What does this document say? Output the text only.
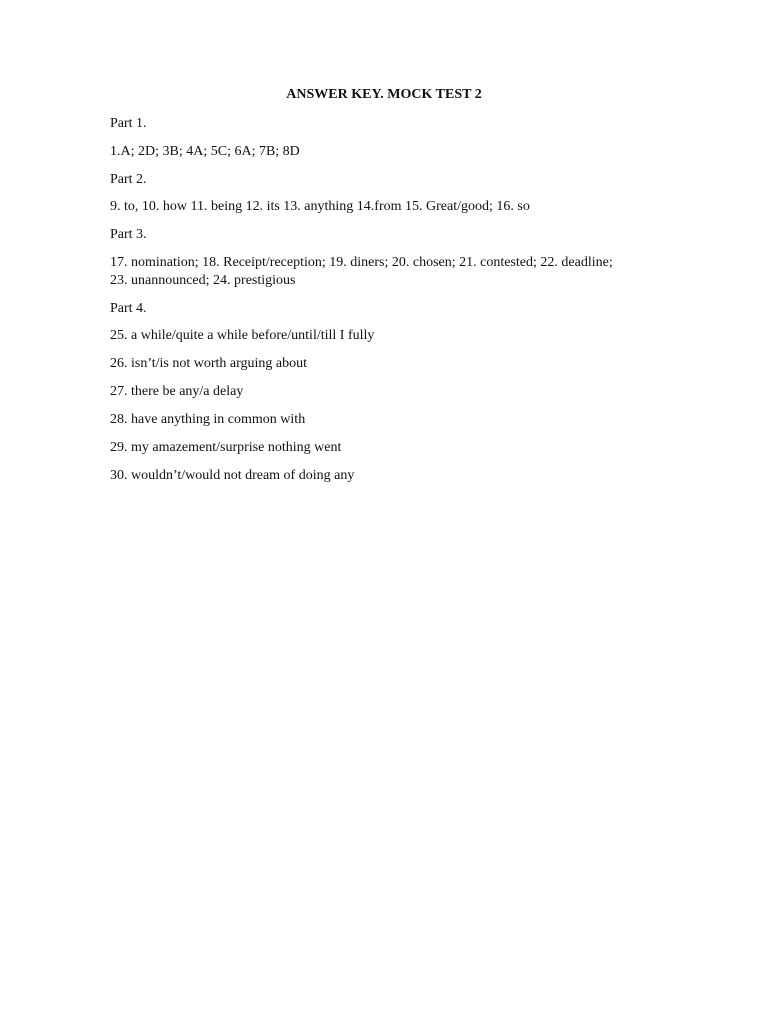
ANSWER KEY. MOCK TEST 2
Part 1.
1.A; 2D; 3B; 4A; 5C; 6A; 7B; 8D
Part 2.
9. to, 10. how 11. being 12. its 13. anything 14.from 15. Great/good; 16. so
Part 3.
17. nomination; 18. Receipt/reception; 19. diners; 20. chosen; 21. contested; 22. deadline;
23. unannounced; 24. prestigious
Part 4.
25. a while/quite a while before/until/till I fully
26. isn’t/is not worth arguing about
27. there be any/a delay
28. have anything in common with
29. my amazement/surprise nothing went
30. wouldn’t/would not dream of doing any
